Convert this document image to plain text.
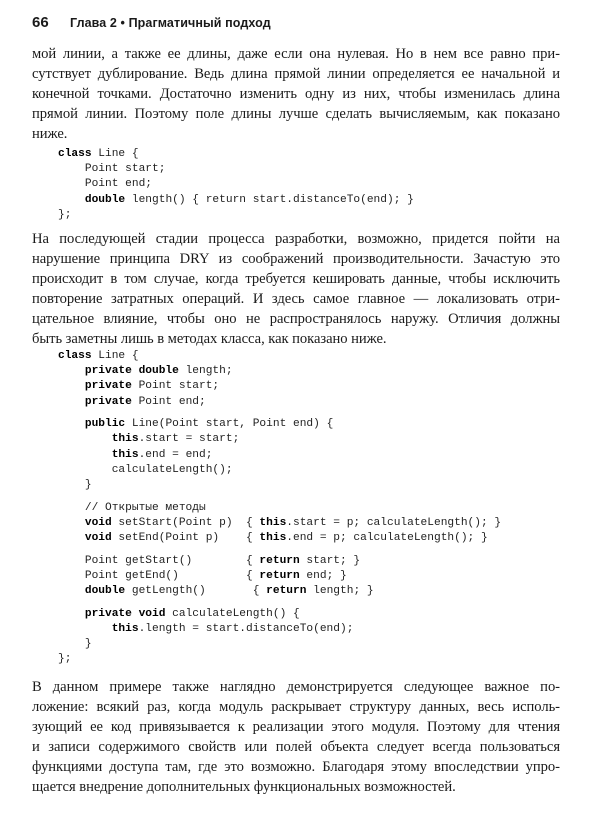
66 Глава 2 • Прагматичный подход
мой линии, а также ее длины, даже если она нулевая. Но в нем все равно при-
сутствует дублирование. Ведь длина прямой линии определяется ее начальной и
конечной точками. Достаточно изменить одну из них, чтобы изменилась длина
прямой линии. Поэтому поле длины лучше сделать вычисляемым, как показано
ниже.
class Line {
Point start;
Point end;
double length() { return start.distanceTo(end); }
};
На последующей стадии процесса разработки, возможно, придется пойти на
нарушение принципа DRY из соображений производительности. Зачастую это
происходит в том случае, когда требуется кешировать данные, чтобы исключить
повторение затратных операций. И здесь самое главное — локализовать отри-
цательное влияние, чтобы оно не распространялось наружу. Отличия должны
быть заметны лишь в методах класса, как показано ниже.
class Line {
private double length;
private Point start;
private Point end;
public Line(Point start, Point end) {
this.start = start;
this.end = end;
calculateLength();
}
// Открытые методы
void setStart(Point p)  { this.start = p; calculateLength(); }
void setEnd(Point p)    { this.end = p; calculateLength(); }
Point getStart()        { return start; }
Point getEnd()          { return end; }
double getLength()       { return length; }
private void calculateLength() {
this.length = start.distanceTo(end);
}
};
В данном примере также наглядно демонстрируется следующее важное по-
ложение: всякий раз, когда модуль раскрывает структуру данных, весь исполь-
зующий ее код привязывается к реализации этого модуля. Поэтому для чтения
и записи содержимого свойств или полей объекта следует всегда пользоваться
функциями доступа там, где это возможно. Благодаря этому впоследствии упро-
щается внедрение дополнительных функциональных возможностей.
